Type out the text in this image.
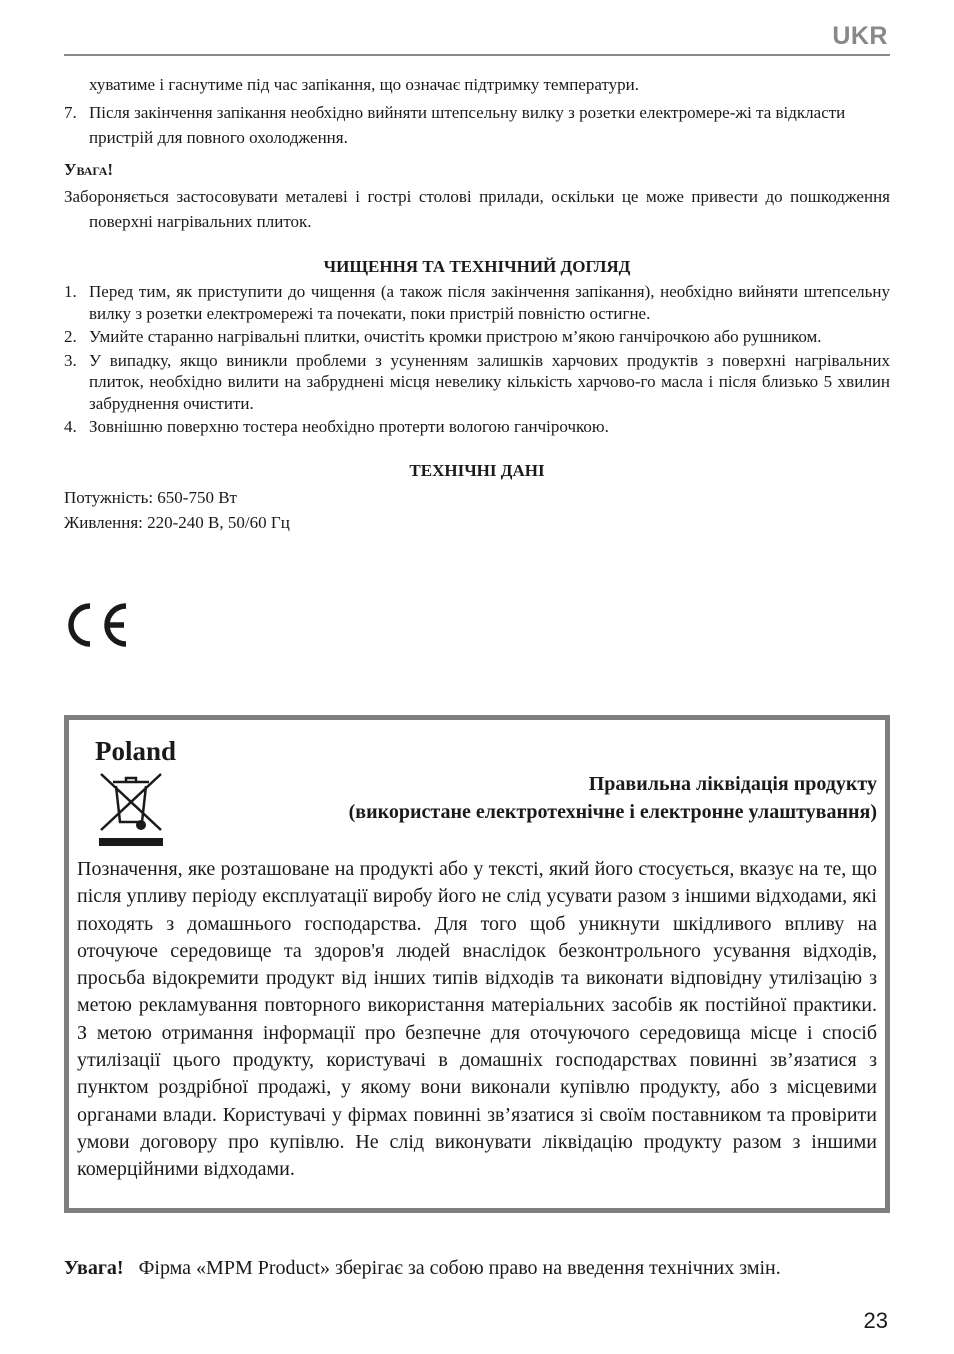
UKR

хуватиме і гаснутиме під час запікання, що означає підтримку температури.

7. Після закінчення запікання необхідно вийняти штепсельну вилку з розетки електромере-жі та відкласти пристрій для повного охолодження.

Увага!

Забороняється застосовувати металеві і гострі столові прилади, оскільки це може привести до пошкодження поверхні нагрівальних плиток.

ЧИЩЕННЯ ТА ТЕХНІЧНИЙ ДОГЛЯД
1. Перед тим, як приступити до чищення (а також після закінчення запікання), необхідно вийняти штепсельну вилку з розетки електромережі та почекати, поки пристрій повністю остигне.
2. Умийте старанно нагрівальні плитки, очистіть кромки пристрою м’якою ганчірочкою або рушником.
3. У випадку, якщо виникли проблеми з усуненням залишків харчових продуктів з поверхні нагрівальних плиток, необхідно вилити на забруднені місця невелику кількість харчово-го масла і після близько 5 хвилин забруднення очистити.
4. Зовнішню поверхню тостера необхідно протерти вологою ганчірочкою.
ТЕХНІЧНІ ДАНІ

Потужність: 650-750 Вт

Живлення: 220-240 В, 50/60 Гц

Poland
Правильна ліквідація продукту
(використане електротехнічне і електронне улаштування)
Позначення, яке розташоване на продукті або у тексті, який його стосується, вказує на те, що після упливу періоду експлуатації виробу його не слід усувати разом з іншими відходами, які походять з домашнього господарства. Для того щоб уникнути шкідливого впливу на оточуюче середовище та здоров'я людей внаслідок безконтрольного усування відходів, просьба відокремити продукт від інших типів відходів та виконати відповідну утилізацію з метою рекламування повторного використання матеріальних засобів як постійної практики. З метою отримання інформації про безпечне для оточуючого середовища місце і спосіб утилізації цього продукту, користувачі в домашніх господарствах повинні зв’язатися з пунктом роздрібної продажі, у якому вони виконали купівлю продукту, або з місцевими органами влади. Користувачі у фірмах повинні зв’язатися зі своїм поставником та провірити умови договору про купівлю. Не слід виконувати ліквідацію продукту разом з іншими комерційними відходами.
Увага! Фірма «MPM Product» зберігає за собою право на введення технічних змін.
23
